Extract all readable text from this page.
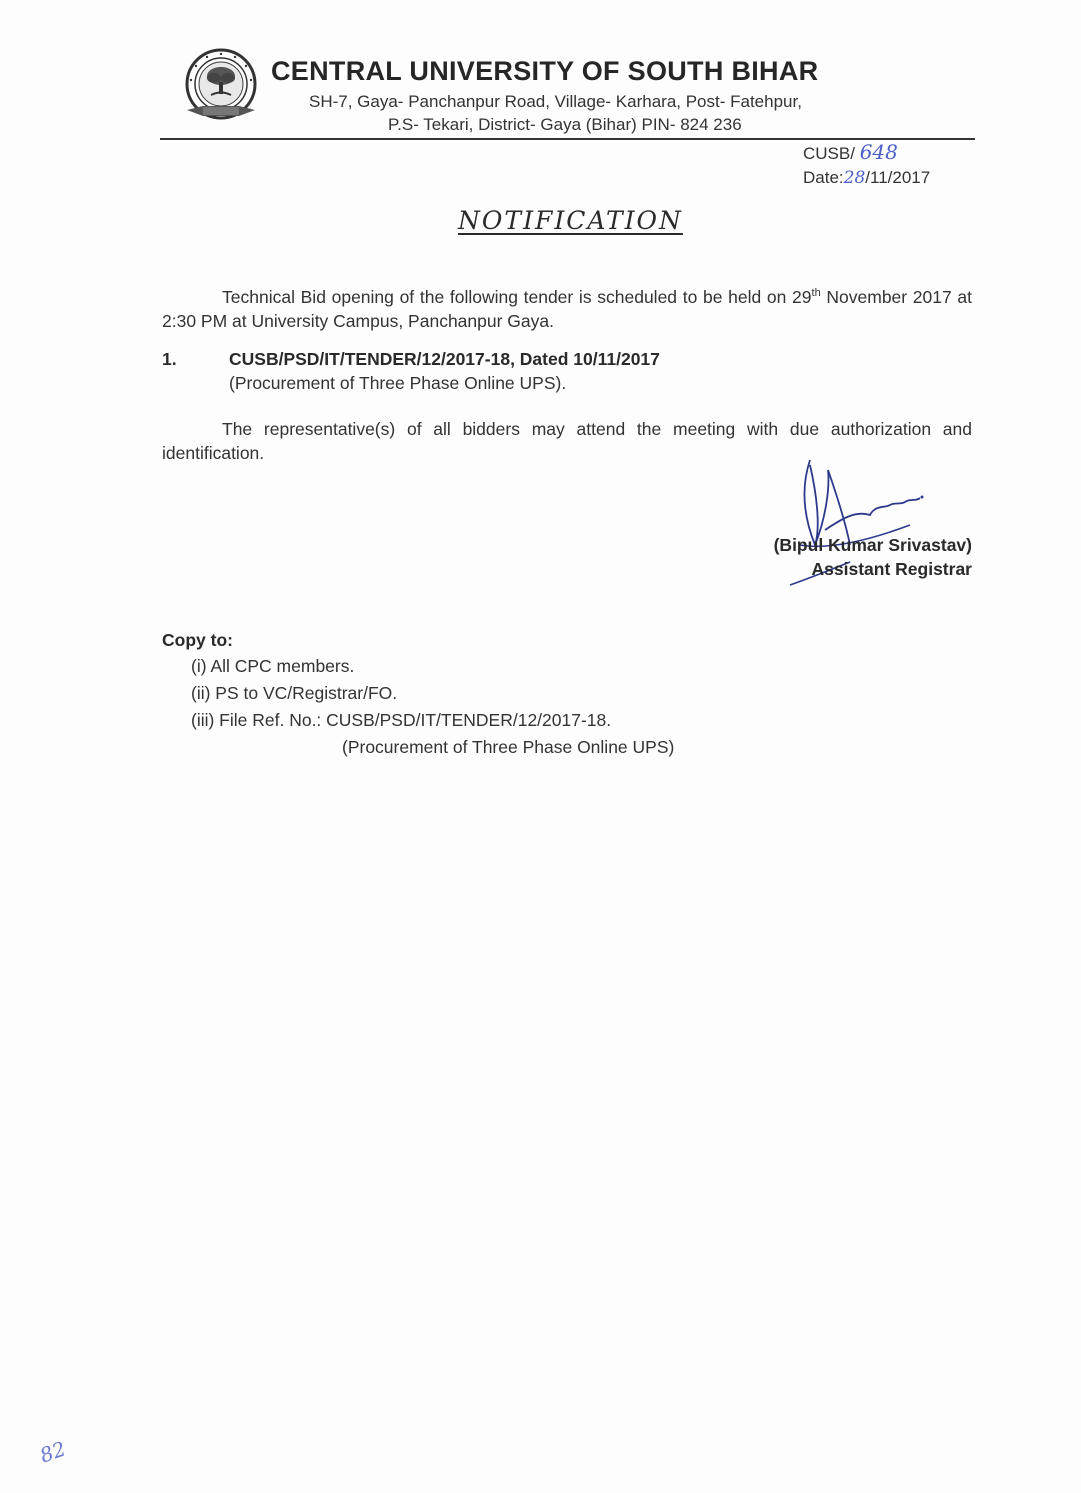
CENTRAL UNIVERSITY OF SOUTH BIHAR
SH-7, Gaya- Panchanpur Road, Village- Karhara, Post- Fatehpur,
P.S- Tekari, District- Gaya (Bihar) PIN- 824 236
CUSB/ 648
Date:28/11/2017
NOTIFICATION
Technical Bid opening of the following tender is scheduled to be held on 29th November 2017 at 2:30 PM at University Campus, Panchanpur Gaya.
1.	CUSB/PSD/IT/TENDER/12/2017-18, Dated 10/11/2017
(Procurement of Three Phase Online UPS).
The representative(s) of all bidders may attend the meeting with due authorization and identification.
(Bipul Kumar Srivastav)
Assistant Registrar
Copy to:
(i) All CPC members.
(ii) PS to VC/Registrar/FO.
(iii) File Ref. No.: CUSB/PSD/IT/TENDER/12/2017-18.
(Procurement of Three Phase Online UPS)
82
